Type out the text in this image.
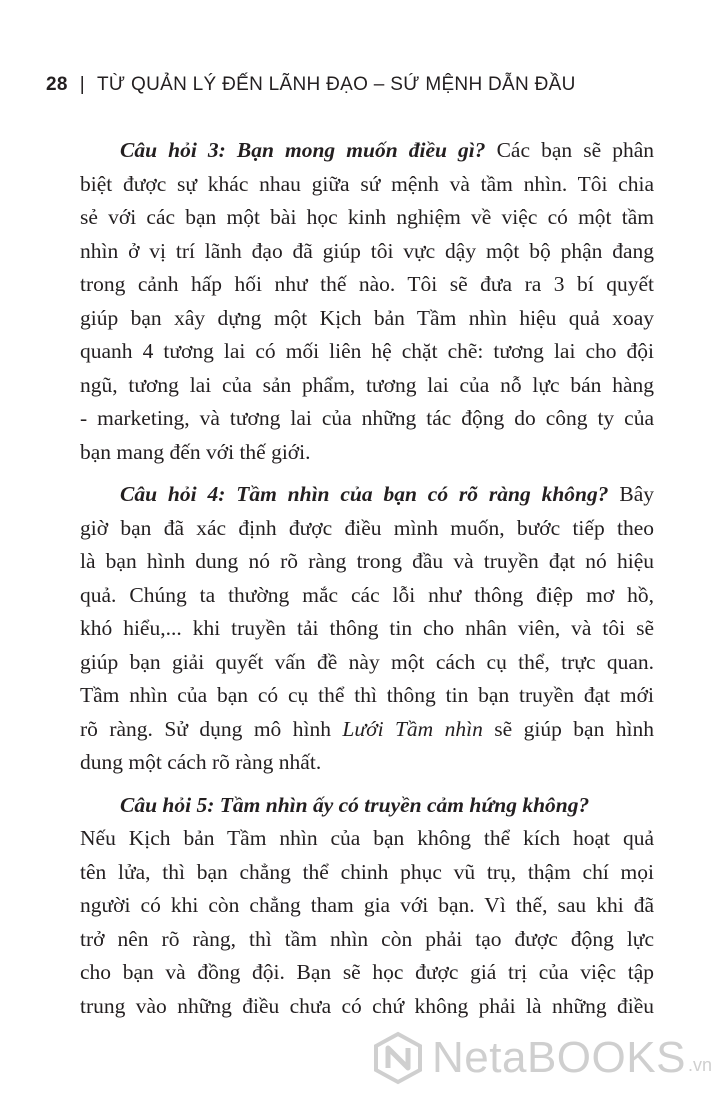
28 | TỪ QUẢN LÝ ĐẾN LÃNH ĐẠO – SỨ MỆNH DẪN ĐẦU
Câu hỏi 3: Bạn mong muốn điều gì? Các bạn sẽ phân
biệt được sự khác nhau giữa sứ mệnh và tầm nhìn. Tôi chia
sẻ với các bạn một bài học kinh nghiệm về việc có một tầm
nhìn ở vị trí lãnh đạo đã giúp tôi vực dậy một bộ phận đang
trong cảnh hấp hối như thế nào. Tôi sẽ đưa ra 3 bí quyết
giúp bạn xây dựng một Kịch bản Tầm nhìn hiệu quả xoay
quanh 4 tương lai có mối liên hệ chặt chẽ: tương lai cho đội
ngũ, tương lai của sản phẩm, tương lai của nỗ lực bán hàng
- marketing, và tương lai của những tác động do công ty của
bạn mang đến với thế giới.
Câu hỏi 4: Tầm nhìn của bạn có rõ ràng không? Bây
giờ bạn đã xác định được điều mình muốn, bước tiếp theo
là bạn hình dung nó rõ ràng trong đầu và truyền đạt nó hiệu
quả. Chúng ta thường mắc các lỗi như thông điệp mơ hồ,
khó hiểu,... khi truyền tải thông tin cho nhân viên, và tôi sẽ
giúp bạn giải quyết vấn đề này một cách cụ thể, trực quan.
Tầm nhìn của bạn có cụ thể thì thông tin bạn truyền đạt mới
rõ ràng. Sử dụng mô hình Lưới Tầm nhìn sẽ giúp bạn hình
dung một cách rõ ràng nhất.
Câu hỏi 5: Tầm nhìn ấy có truyền cảm hứng không?
Nếu Kịch bản Tầm nhìn của bạn không thể kích hoạt quả
tên lửa, thì bạn chẳng thể chinh phục vũ trụ, thậm chí mọi
người có khi còn chẳng tham gia với bạn. Vì thế, sau khi đã
trở nên rõ ràng, thì tầm nhìn còn phải tạo được động lực
cho bạn và đồng đội. Bạn sẽ học được giá trị của việc tập
trung vào những điều chưa có chứ không phải là những điều
NetaBOOKS .vn
